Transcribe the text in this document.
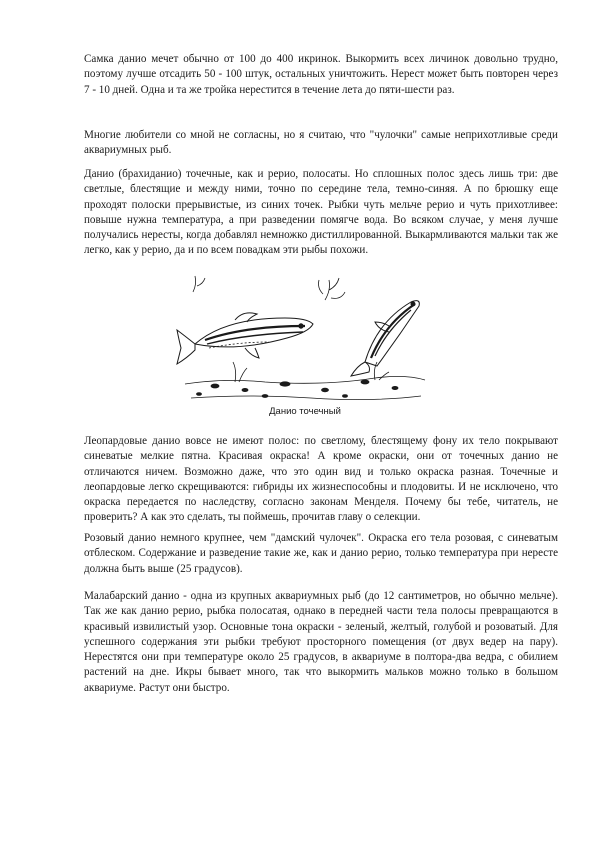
Самка данио мечет обычно от 100 до 400 икринок. Выкормить всех личинок довольно трудно, поэтому лучше отсадить 50 - 100 штук, остальных уничтожить. Нерест может быть повторен через 7 - 10 дней. Одна и та же тройка нерестится в течение лета до пяти-шести раз.

Многие любители со мной не согласны, но я считаю, что "чулочки" самые неприхотливые среди аквариумных рыб.

Данио (брахиданио) точечные, как и рерио, полосаты. Но сплошных полос здесь лишь три: две светлые, блестящие и между ними, точно по середине тела, темно-синяя. А по брюшку еще проходят полоски прерывистые, из синих точек. Рыбки чуть мельче рерио и чуть прихотливее: повыше нужна температура, а при разведении помягче вода. Во всяком случае, у меня лучше получались нересты, когда добавлял немножко дистиллированной. Выкармливаются мальки так же легко, как у рерио, да и по всем повадкам эти рыбы похожи.

Данио точечный

Леопардовые данио вовсе не имеют полос: по светлому, блестящему фону их тело покрывают синеватые мелкие пятна. Красивая окраска! А кроме окраски, они от точечных данио не отличаются ничем. Возможно даже, что это один вид и только окраска разная. Точечные и леопардовые легко скрещиваются: гибриды их жизнеспособны и плодовиты. И не исключено, что окраска передается по наследству, согласно законам Менделя. Почему бы тебе, читатель, не проверить? А как это сделать, ты поймешь, прочитав главу о селекции.

Розовый данио немного крупнее, чем "дамский чулочек". Окраска его тела розовая, с синеватым отблеском. Содержание и разведение такие же, как и данио рерио, только температура при нересте должна быть выше (25 градусов).

Малабарский данио - одна из крупных аквариумных рыб (до 12 сантиметров, но обычно мельче). Так же как данио рерио, рыбка полосатая, однако в передней части тела полосы превращаются в красивый извилистый узор. Основные тона окраски - зеленый, желтый, голубой и розоватый. Для успешного содержания эти рыбки требуют просторного помещения (от двух ведер на пару). Нерестятся они при температуре около 25 градусов, в аквариуме в полтора-два ведра, с обилием растений на дне. Икры бывает много, так что выкормить мальков можно только в большом аквариуме. Растут они быстро.
